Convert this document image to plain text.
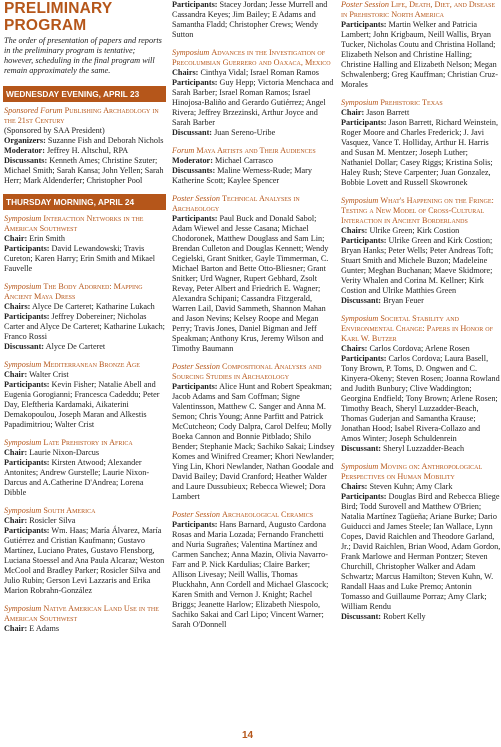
PRELIMINARY PROGRAM
The order of presentation of papers and reports in the preliminary program is tentative; however, scheduling in the final program will remain approximately the same.
WEDNESDAY EVENING, APRIL 23
Sponsored Forum Publishing Archaeology in the 21st Century

(Sponsored by SAA President)

Organizers: Suzanne Fish and Deborah Nichols

Moderator: Jeffrey H. Altschul, RPA

Discussants: Kenneth Ames; Christine Szuter; Michael Smith; Sarah Kansa; John Yellen; Sarah Herr; Mark Aldenderfer; Christopher Pool

THURSDAY MORNING, APRIL 24
Symposium Interaction Networks in the American Southwest

Chair: Erin Smith

Participants: David Lewandowski; Travis Cureton; Karen Harry; Erin Smith and Mikael Fauvelle

Symposium The Body Adorned: Mapping Ancient Maya Dress

Chairs: Alyce De Carteret; Katharine Lukach

Participants: Jeffrey Dobereiner; Nicholas Carter and Alyce De Carteret; Katharine Lukach; Franco Rossi

Discussant: Alyce De Carteret

Symposium Mediterranean Bronze Age

Chair: Walter Crist

Participants: Kevin Fisher; Natalie Abell and Eugenia Gorogianni; Francesca Cadeddu; Peter Day, Eleftheria Kardamaki, Aikaterini Demakopoulou, Joseph Maran and Alkestis Papadimitriou; Walter Crist

Symposium Late Prehistory in Africa

Chair: Laurie Nixon-Darcus

Participants: Kirsten Atwood; Alexander Antonites; Andrew Gurstelle; Laurie Nixon-Darcus and A.Catherine D'Andrea; Lorena Dibble

Symposium South America

Chair: Rosicler Silva

Participants: Wm. Haas; María Álvarez, María Gutiérrez and Cristian Kaufmann; Gustavo Martínez, Luciano Prates, Gustavo Flensborg, Luciana Stoessel and Ana Paula Alcaraz; Weston McCool and Bradley Parker; Rosicler Silva and Julio Rubin; Gerson Levi Lazzaris and Erika Marion Robrahn-González

Symposium Native American Land Use in the American Southwest

Chair: E Adams

Participants: Stacey Jordan; Jesse Murrell and Cassandra Keyes; Jim Bailey; E Adams and Samantha Fladd; Christopher Crews; Wendy Sutton

Symposium Advances in the Investigation of Precolumbian Guerrero and Oaxaca, Mexico

Chairs: Cinthya Vidal; Israel Roman Ramos

Participants: Guy Hepp; Victoria Menchaca and Sarah Barber; Israel Roman Ramos; Israel Hinojosa-Baliño and Gerardo Gutiérrez; Angel Rivera; Jeffrey Brzezinski, Arthur Joyce and Sarah Barber

Discussant: Juan Sereno-Uribe

Forum Maya Artists and Their Audiences

Moderator: Michael Carrasco

Discussants: Maline Werness-Rude; Mary Katherine Scott; Kaylee Spencer

Poster Session Technical Analyses in Archaeology

Participants: Paul Buck and Donald Sabol; Adam Wiewel and Jesse Casana; Michael Chodoronek, Matthew Douglass and Sam Lin; Brendan Culleton and Douglas Kennett; Wendy Cegielski, Grant Snitker, Gayle Timmerman, C. Michael Barton and Bette Otto-Bliesner; Grant Snitker; Urd Wagner, Rupert Gebhard, Zsolt Revay, Peter Albert and Friedrich E. Wagner; Alexandra Schipani; Cassandra Fitzgerald, Warren Lail, David Sammeth, Shannon Mahan and Jason Nevins; Kelsey Roope and Megan Perry; Travis Jones, Daniel Bigman and Jeff Speakman; Anthony Krus, Jeremy Wilson and Timothy Baumann

Poster Session Compositional Analyses and Sourcing Studies in Archaeology

Participants: Alice Hunt and Robert Speakman; Jacob Adams and Sam Coffman; Signe Valentinsson, Matthew C. Sanger and Anna M. Semon; Chris Young; Anne Parfitt and Patrick McCutcheon; Cody Dalpra, Carol Delfeu; Molly Boeka Cannon and Bonnie Pitblado; Shilo Bender; Stephanie Mack; Sachiko Sakai; Lindsey Komes and Winifred Creamer; Khori Newlander; Ying Lin, Khori Newlander, Nathan Goodale and David Bailey; David Cranford; Heather Walder and Laure Dussubieux; Rebecca Wiewel; Dora Lambert

Poster Session Archaeological Ceramics

Participants: Hans Barnard, Augusto Cardona Rosas and Maria Lozada; Fernando Franchetti and Nuria Sugrañes; Valentina Martínez and Carmen Sanchez; Anna Mazin, Olivia Navarro-Farr and P. Nick Kardulias; Claire Barker; Allison Livesay; Neill Wallis, Thomas Pluckhahn, Ann Cordell and Michael Glascock; Karen Smith and Vernon J. Knight; Rachel Briggs; Jeanette Harlow; Elizabeth Niespolo, Sachiko Sakai and Carl Lipo; Vincent Warner; Sarah O'Donnell

Poster Session Life, Death, Diet, and Disease in Prehistoric North America

Participants: Martin Welker and Patricia Lambert; John Krigbaum, Neill Wallis, Bryan Tucker, Nicholas Coutu and Christina Holland; Elizabeth Nelson and Christine Halling; Christine Halling and Elizabeth Nelson; Megan Schwalenberg; Greg Kauffman; Christian Cruz-Morales

Symposium Prehistoric Texas

Chair: Jason Barrett

Participants: Jason Barrett, Richard Weinstein, Roger Moore and Charles Frederick; J. Javi Vasquez, Vance T. Holliday, Arthur H. Harris and Susan M. Mentzer; Joseph Luther; Nathaniel Dollar; Casey Riggs; Kristina Solis; Haley Rush; Steve Carpenter; Juan Gonzalez, Bobbie Lovett and Russell Skowronek

Symposium What's Happening on the Fringe: Testing a New Model of Cross-Cultural Interaction in Ancient Borderlands

Chairs: Ulrike Green; Kirk Costion

Participants: Ulrike Green and Kirk Costion; Bryan Hanks; Peter Wells; Peter Andreas Toft; Stuart Smith and Michele Buzon; Madeleine Gunter; Meghan Buchanan; Maeve Skidmore; Verity Whalen and Corina M. Kellner; Kirk Costion and Ulrike Matthies Green

Discussant: Bryan Feuer

Symposium Societal Stability and Environmental Change: Papers in Honor of Karl W. Butzer

Chairs: Carlos Cordova; Arlene Rosen

Participants: Carlos Cordova; Laura Basell, Tony Brown, P. Toms, D. Ongwen and C. Kinyera-Okeny; Steven Rosen; Joanna Rowland and Judith Bunbury; Clive Waddington; Georgina Endfield; Tony Brown; Arlene Rosen; Timothy Beach, Sheryl Luzzadder-Beach, Thomas Guderjan and Samantha Krause; Jonathan Hood; Isabel Rivera-Collazo and Amos Winter; Joseph Schuldenrein

Discussant: Sheryl Luzzadder-Beach

Symposium Moving on: Anthropological Perspectives on Human Mobility

Chairs: Steven Kuhn; Amy Clark

Participants: Douglas Bird and Rebecca Bliege Bird; Todd Surovell and Matthew O'Brien; Natalia Martínez Tagüeña; Ariane Burke; Dario Guiducci and James Steele; Ian Wallace, Lynn Copes, David Raichlen and Theodore Garland, Jr.; David Raichlen, Brian Wood, Adam Gordon, Frank Marlowe and Herman Pontzer; Steven Churchill, Christopher Walker and Adam Schwartz; Marcus Hamilton; Steven Kuhn, W. Randall Haas and Luke Premo; Antonin Tomasso and Guillaume Porraz; Amy Clark; William Rendu

Discussant: Robert Kelly

14
